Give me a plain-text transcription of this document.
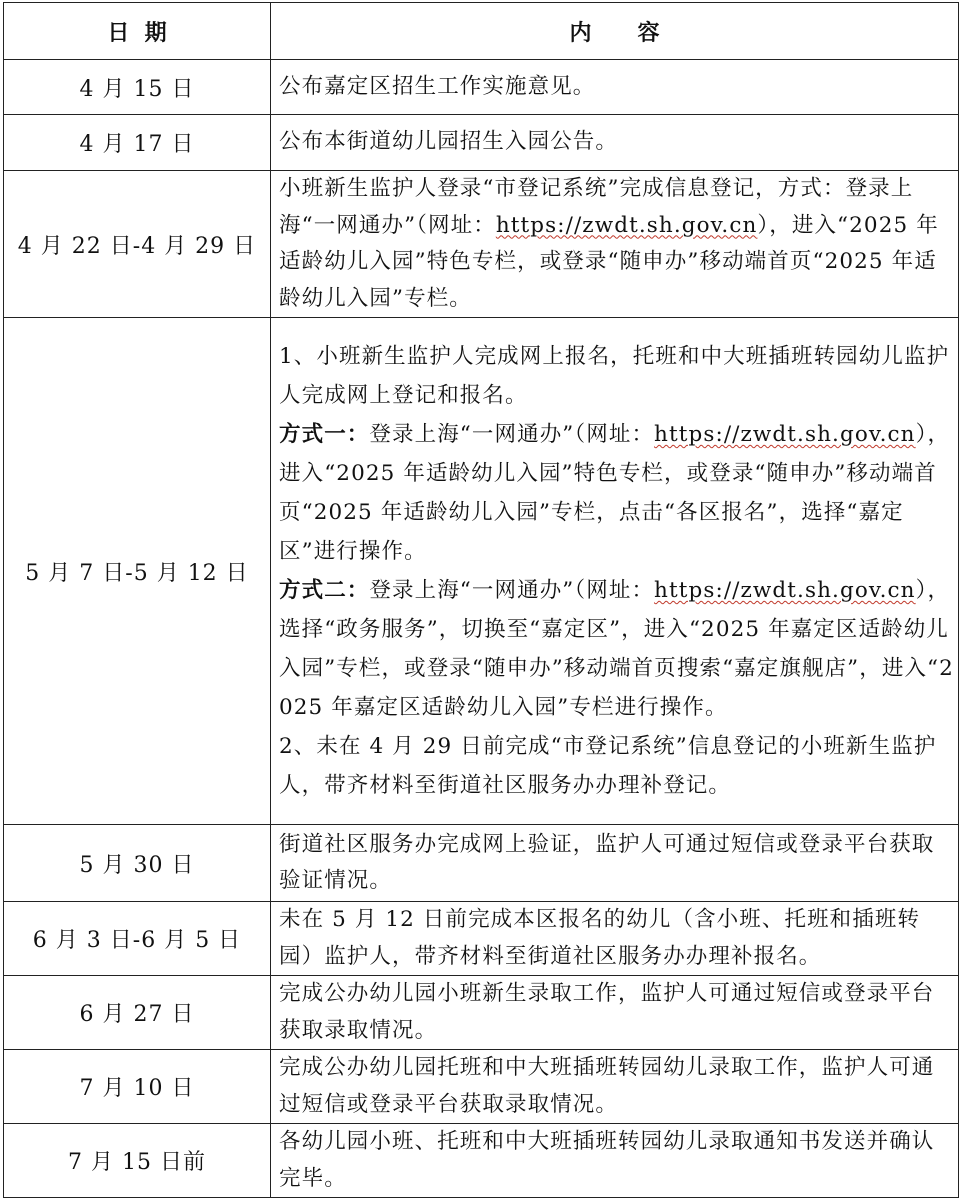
日  期	内      容
4 月 15 日	公布嘉定区招生工作实施意见。
4 月 17 日	公布本街道幼儿园招生入园公告。
4 月 22 日-4 月 29 日	小班新生监护人登录“市登记系统”完成信息登记，方式：登录上海“一网通办”（网址：https://zwdt.sh.gov.cn），进入“2025 年适龄幼儿入园”特色专栏，或登录“随申办”移动端首页“2025 年适龄幼儿入园”专栏。
5 月 7 日-5 月 12 日	1、小班新生监护人完成网上报名，托班和中大班插班转园幼儿监护人完成网上登记和报名。

方式一：登录上海“一网通办”（网址：https://zwdt.sh.gov.cn），进入“2025 年适龄幼儿入园”特色专栏，或登录“随申办”移动端首页“2025 年适龄幼儿入园”专栏，点击“各区报名”，选择“嘉定区”进行操作。

方式二：登录上海“一网通办”（网址：https://zwdt.sh.gov.cn），选择“政务服务”，切换至“嘉定区”，进入“2025 年嘉定区适龄幼儿入园”专栏，或登录“随申办”移动端首页搜索“嘉定旗舰店”，进入“2025 年嘉定区适龄幼儿入园”专栏进行操作。

2、未在 4 月 29 日前完成“市登记系统”信息登记的小班新生监护人，带齐材料至街道社区服务办办理补登记。

5 月 30 日	街道社区服务办完成网上验证，监护人可通过短信或登录平台获取验证情况。
6 月 3 日-6 月 5 日	未在 5 月 12 日前完成本区报名的幼儿（含小班、托班和插班转园）监护人，带齐材料至街道社区服务办办理补报名。
6 月 27 日	完成公办幼儿园小班新生录取工作，监护人可通过短信或登录平台获取录取情况。
7 月 10 日	完成公办幼儿园托班和中大班插班转园幼儿录取工作，监护人可通过短信或登录平台获取录取情况。
7 月 15 日前	各幼儿园小班、托班和中大班插班转园幼儿录取通知书发送并确认完毕。
